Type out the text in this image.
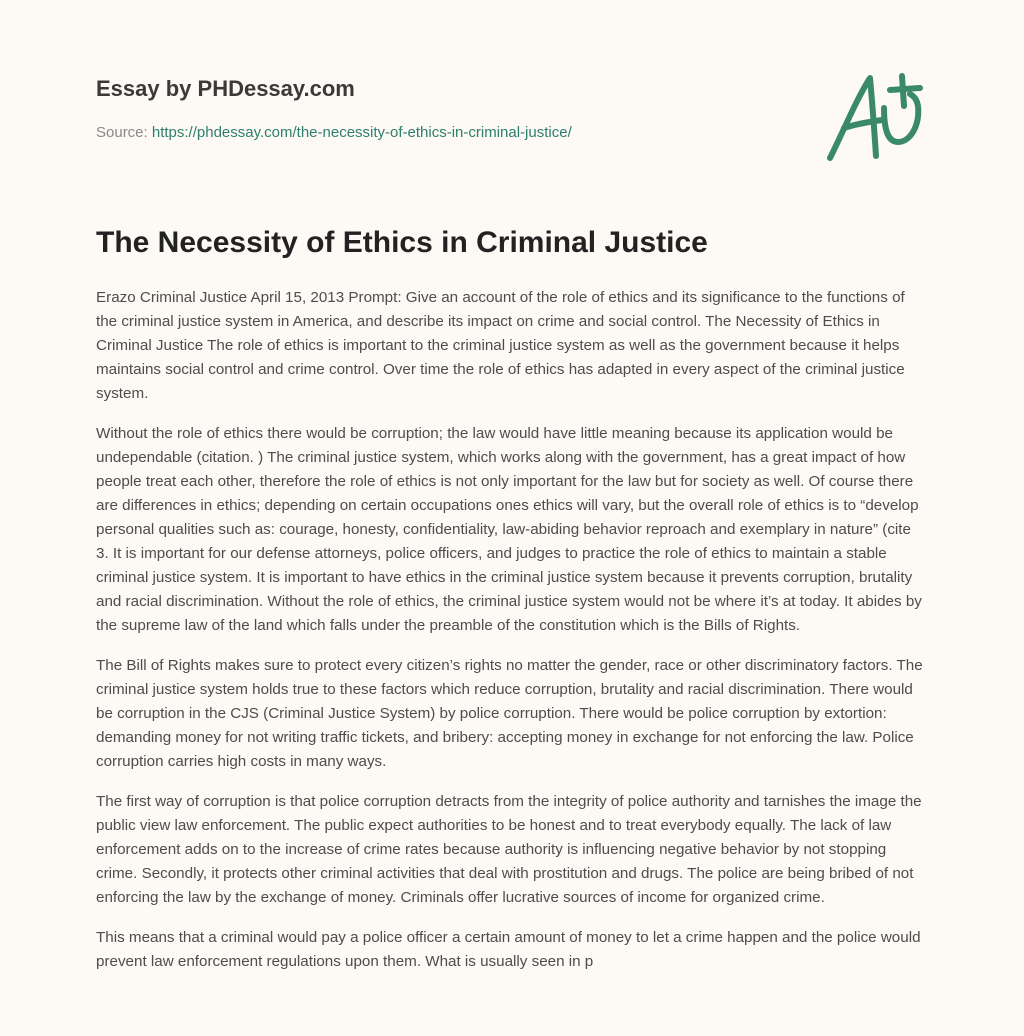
Essay by PHDessay.com
Source: https://phdessay.com/the-necessity-of-ethics-in-criminal-justice/
The Necessity of Ethics in Criminal Justice

Erazo Criminal Justice April 15, 2013 Prompt: Give an account of the role of ethics and its significance to the functions of the criminal justice system in America, and describe its impact on crime and social control. The Necessity of Ethics in Criminal Justice The role of ethics is important to the criminal justice system as well as the government because it helps maintains social control and crime control. Over time the role of ethics has adapted in every aspect of the criminal justice system.

Without the role of ethics there would be corruption; the law would have little meaning because its application would be undependable (citation. ) The criminal justice system, which works along with the government, has a great impact of how people treat each other, therefore the role of ethics is not only important for the law but for society as well. Of course there are differences in ethics; depending on certain occupations ones ethics will vary, but the overall role of ethics is to “develop personal qualities such as: courage, honesty, confidentiality, law-abiding behavior reproach and exemplary in nature” (cite 3. It is important for our defense attorneys, police officers, and judges to practice the role of ethics to maintain a stable criminal justice system. It is important to have ethics in the criminal justice system because it prevents corruption, brutality and racial discrimination. Without the role of ethics, the criminal justice system would not be where it’s at today. It abides by the supreme law of the land which falls under the preamble of the constitution which is the Bills of Rights.

The Bill of Rights makes sure to protect every citizen’s rights no matter the gender, race or other discriminatory factors. The criminal justice system holds true to these factors which reduce corruption, brutality and racial discrimination. There would be corruption in the CJS (Criminal Justice System) by police corruption. There would be police corruption by extortion: demanding money for not writing traffic tickets, and bribery: accepting money in exchange for not enforcing the law. Police corruption carries high costs in many ways.

The first way of corruption is that police corruption detracts from the integrity of police authority and tarnishes the image the public view law enforcement. The public expect authorities to be honest and to treat everybody equally. The lack of law enforcement adds on to the increase of crime rates because authority is influencing negative behavior by not stopping crime. Secondly, it protects other criminal activities that deal with prostitution and drugs. The police are being bribed of not enforcing the law by the exchange of money. Criminals offer lucrative sources of income for organized crime.

This means that a criminal would pay a police officer a certain amount of money to let a crime happen and the police would prevent law enforcement regulations upon them. What is usually seen in p
